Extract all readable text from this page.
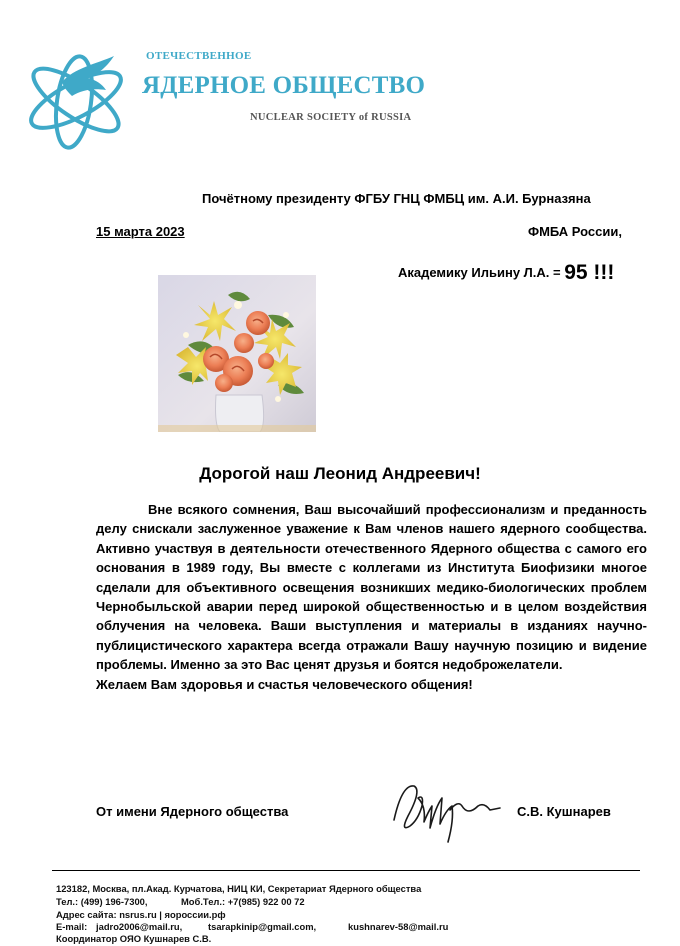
ОТЕЧЕСТВЕННОЕ
ЯДЕРНОЕ ОБЩЕСТВО
NUCLEAR SOCIETY of RUSSIA
Почётному президенту ФГБУ ГНЦ ФМБЦ им. А.И. Бурназяна
15 марта 2023	ФМБА России,
Академику Ильину Л.А. = 95 !!!
Дорогой наш Леонид Андреевич!

Вне всякого сомнения, Ваш высочайший профессионализм и преданность делу снискали заслуженное уважение к Вам членов нашего ядерного сообщества. Активно участвуя в деятельности отечественного Ядерного общества с самого его основания в 1989 году, Вы вместе с коллегами из Института Биофизики многое сделали для объективного освещения возникших медико-биологических проблем Чернобыльской аварии перед широкой общественностью и в целом воздействия облучения на человека. Ваши выступления и материалы в изданиях научно-публицистического характера всегда отражали Вашу научную позицию и видение проблемы. Именно за это Вас ценят друзья и боятся недоброжелатели.

Желаем Вам здоровья и счастья человеческого общения!

От имени Ядерного общества	С.В. Кушнарев
123182, Москва, пл.Акад. Курчатова, НИЦ КИ, Секретариат Ядерного общества
Тел.: (499) 196-7300,	Моб.Тел.: +7(985) 922 00 72
Адрес сайта: nsrus.ru | яороссии.рф
E-mail: jadro2006@mail.ru,	tsarapkinip@gmail.com,	kushnarev-58@mail.ru
Координатор ОЯО Кушнарев С.В.
